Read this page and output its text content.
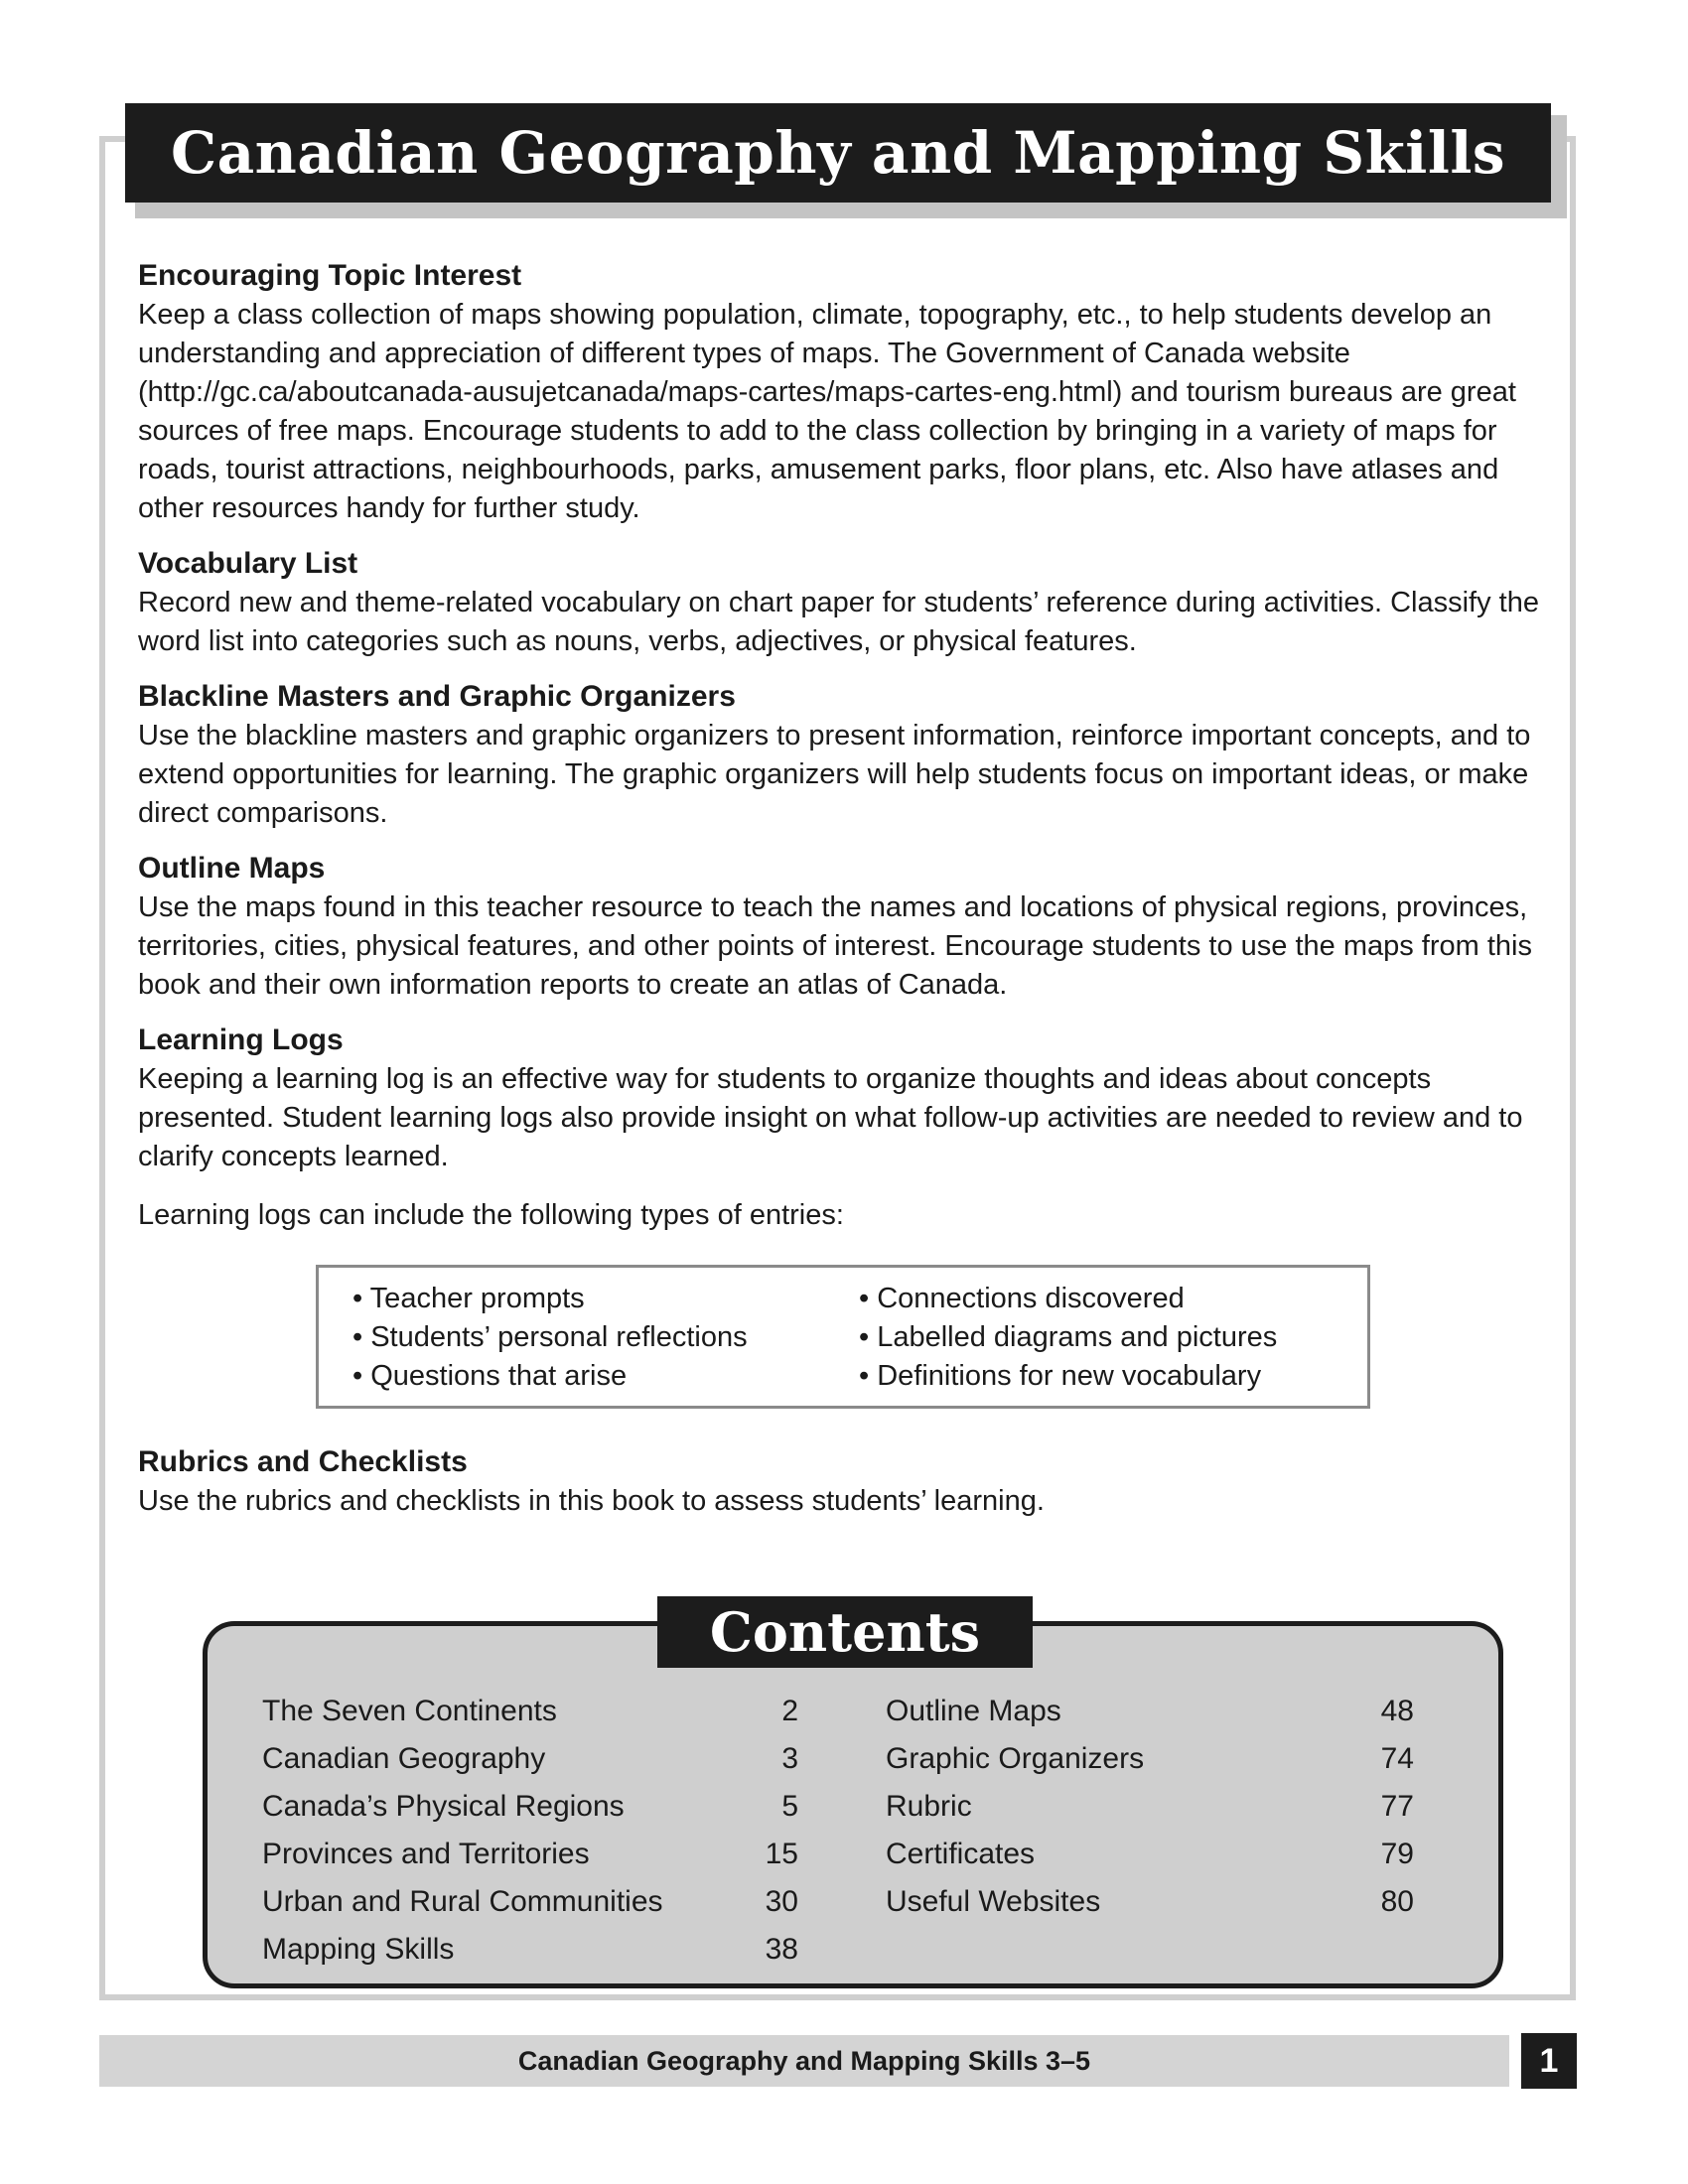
Canadian Geography and Mapping Skills
Encouraging Topic Interest

Keep a class collection of maps showing population, climate, topography, etc., to help students develop an understanding and appreciation of different types of maps. The Government of Canada website (http://gc.ca/aboutcanada-ausujetcanada/maps-cartes/maps-cartes-eng.html) and tourism bureaus are great sources of free maps. Encourage students to add to the class collection by bringing in a variety of maps for roads, tourist attractions, neighbourhoods, parks, amusement parks, floor plans, etc. Also have atlases and other resources handy for further study.

Vocabulary List

Record new and theme-related vocabulary on chart paper for students’ reference during activities. Classify the word list into categories such as nouns, verbs, adjectives, or physical features.

Blackline Masters and Graphic Organizers

Use the blackline masters and graphic organizers to present information, reinforce important concepts, and to extend opportunities for learning. The graphic organizers will help students focus on important ideas, or make direct comparisons.

Outline Maps

Use the maps found in this teacher resource to teach the names and locations of physical regions, provinces, territories, cities, physical features, and other points of interest. Encourage students to use the maps from this book and their own information reports to create an atlas of Canada.

Learning Logs

Keeping a learning log is an effective way for students to organize thoughts and ideas about concepts presented. Student learning logs also provide insight on what follow-up activities are needed to review and to clarify concepts learned.

Learning logs can include the following types of entries:

• Teacher prompts
• Students’ personal reflections
• Questions that arise
• Connections discovered
• Labelled diagrams and pictures
• Definitions for new vocabulary
Rubrics and Checklists

Use the rubrics and checklists in this book to assess students’ learning.

Contents
The Seven Continents	2
Canadian Geography	3
Canada’s Physical Regions	5
Provinces and Territories	15
Urban and Rural Communities	30
Mapping Skills	38
Outline Maps	48
Graphic Organizers	74
Rubric	77
Certificates	79
Useful Websites	80
Canadian Geography and Mapping Skills 3–5	1
